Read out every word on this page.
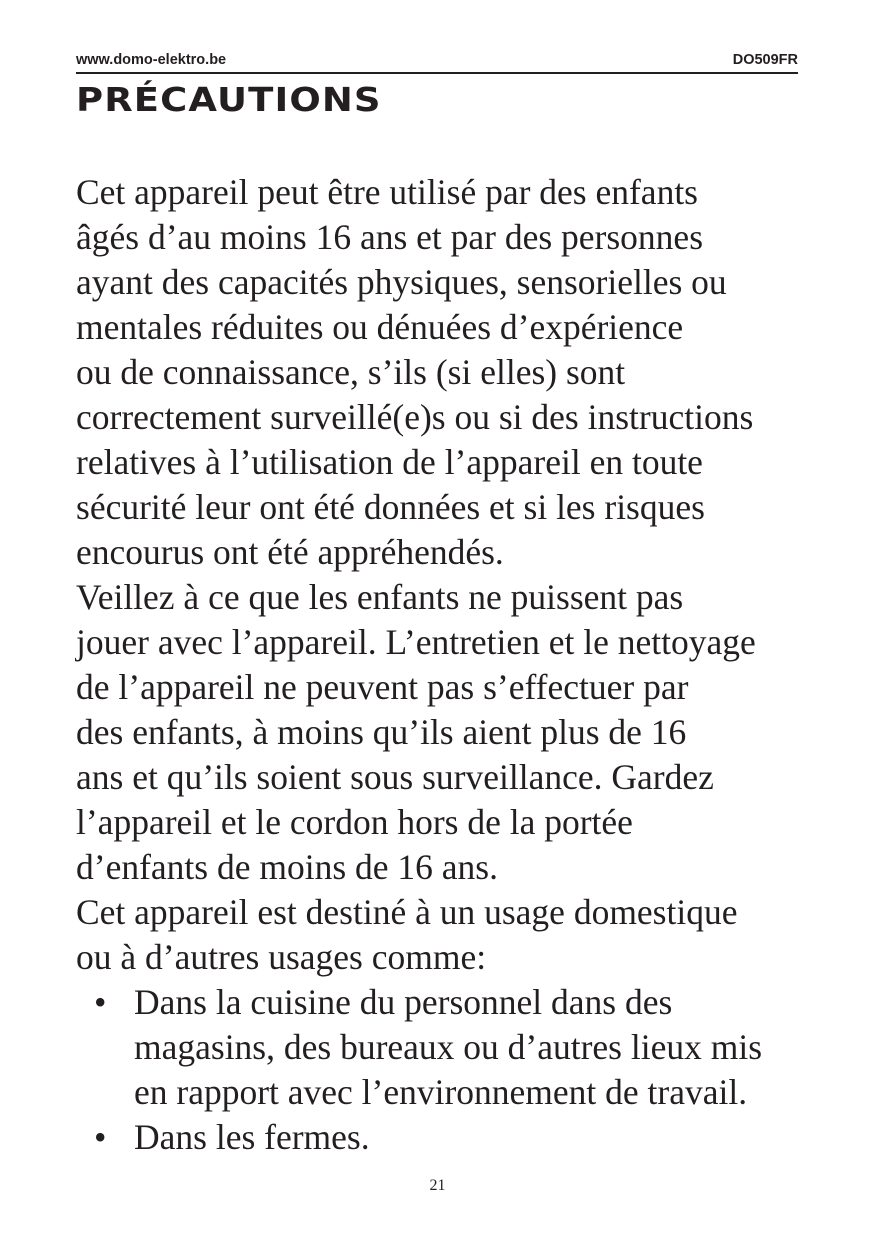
www.domo-elektro.be	DO509FR
PRÉCAUTIONS

Cet appareil peut être utilisé par des enfants
âgés d’au moins 16 ans et par des personnes
ayant des capacités physiques, sensorielles ou
mentales réduites ou dénuées d’expérience
ou de connaissance, s’ils (si elles) sont
correctement surveillé(e)s ou si des instructions
relatives à l’utilisation de l’appareil en toute
sécurité leur ont été données et si les risques
encourus ont été appréhendés.

Veillez à ce que les enfants ne puissent pas
jouer avec l’appareil. L’entretien et le nettoyage
de l’appareil ne peuvent pas s’effectuer par
des enfants, à moins qu’ils aient plus de 16
ans et qu’ils soient sous surveillance. Gardez
l’appareil et le cordon hors de la portée
d’enfants de moins de 16 ans.

Cet appareil est destiné à un usage domestique
ou à d’autres usages comme:

• Dans la cuisine du personnel dans des
magasins, des bureaux ou d’autres lieux mis
en rapport avec l’environnement de travail.
• Dans les fermes.
21
